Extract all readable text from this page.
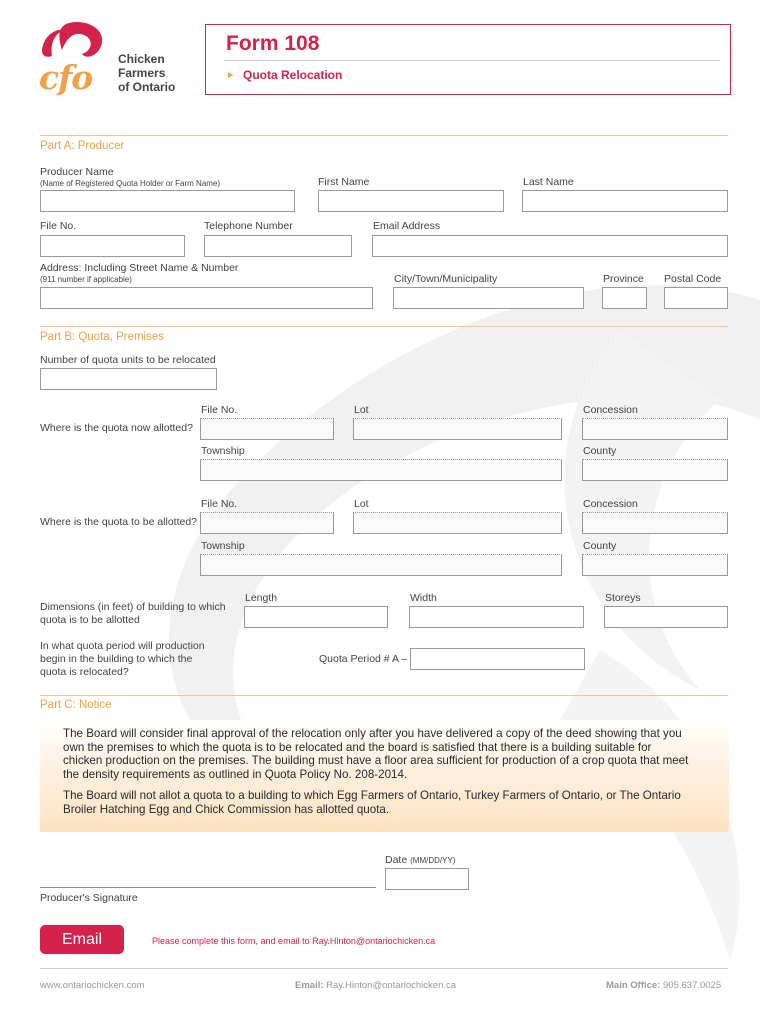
cfo Chicken
Farmers
of Ontario
Form 108
Quota Relocation
Part A: Producer
Producer Name
(Name of Registered Quota Holder or Farm Name)	First Name	Last Name
File No.	Telephone Number	Email Address
Address: Including Street Name & Number
(911 number if applicable)	City/Town/Municipality	Province Postal Code
Part B: Quota, Premises
Number of quota units to be relocated
File No.	Lot	Concession
Where is the quota now allotted?
Township	County
File No.	Lot	Concession
Where is the quota to be allotted?
Township	County
Dimensions (in feet) of building to which
quota is to be allotted
Length	Width	Storeys
In what quota period will production
begin in the building to which the
quota is relocated?
Quota Period # A –
Part C: Notice
The Board will consider final approval of the relocation only after you have delivered a copy of the deed showing that you
own the premises to which the quota is to be relocated and the board is satisfied that there is a building suitable for
chicken production on the premises. The building must have a floor area sufficient for production of a crop quota that meet
the density requirements as outlined in Quota Policy No. 208-2014.
The Board will not allot a quota to a building to which Egg Farmers of Ontario, Turkey Farmers of Ontario, or The Ontario
Broiler Hatching Egg and Chick Commission has allotted quota.
Date (MM/DD/YY)
Producer's Signature
Email	Please complete this form, and email to Ray.Hinton@ontariochicken.ca
www.ontariochicken.com	Email: Ray.Hinton@ontariochicken.ca	Main Office: 905.637.0025
